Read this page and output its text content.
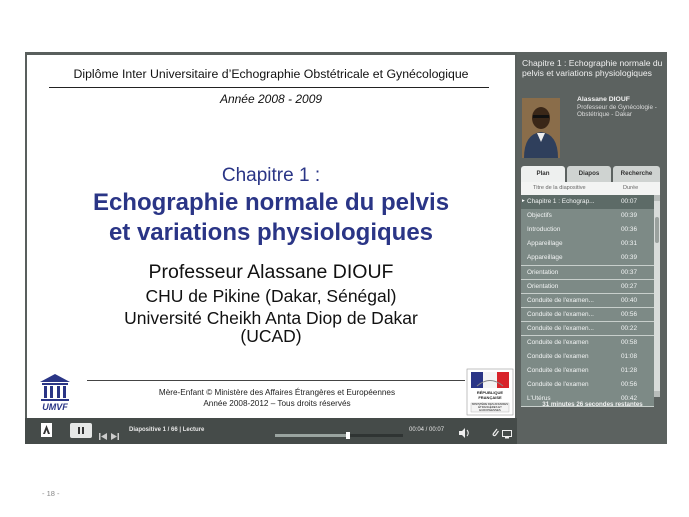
Diplôme Inter Universitaire d’Echographie Obstétricale et Gynécologique
Année 2008 - 2009
Chapitre 1 :
Echographie normale du pelvis
et variations physiologiques
Professeur Alassane DIOUF
CHU de Pikine (Dakar, Sénégal)
Université Cheikh Anta Diop de Dakar
(UCAD)
UMVF
Mère-Enfant © Ministère des Affaires Étrangères et Européennes
Année 2008-2012 – Tous droits réservés
RÉPUBLIQUE FRANÇAISE
MINISTÈRE DES AFFAIRES ÉTRANGÈRES ET EUROPÉENNES
Diapositive 1 / 66 | Lecture	00:04 / 00:07
Chapitre 1 : Echographie normale du pelvis et variations physiologiques
Alassane DIOUF
Professeur de Gynécologie - Obstétrique - Dakar
Plan	Diapos	Recherche
Titre de la diapositive	Durée
▸ Chapitre 1 : Echograp...	00:07
Objectifs	00:39
Introduction	00:36
Appareillage	00:31
Appareillage	00:39
Orientation	00:37
Orientation	00:27
Conduite de l'examen...	00:40
Conduite de l'examen...	00:56
Conduite de l'examen...	00:22
Conduite de l'examen	00:58
Conduite de l'examen	01:08
Conduite de l'examen	01:28
Conduite de l'examen	00:56
L'Utérus	00:42
31 minutes 26 secondes restantes
- 18 -
